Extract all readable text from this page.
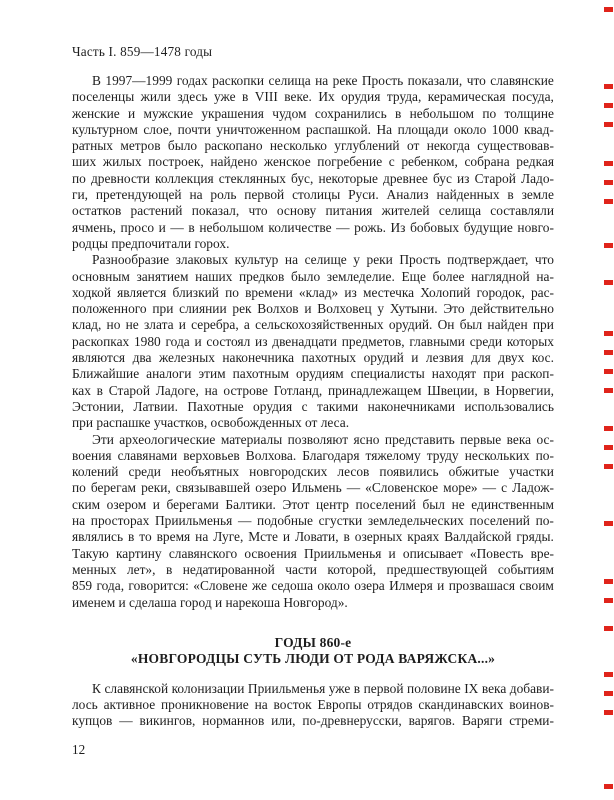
Часть I. 859—1478 годы
В 1997—1999 годах раскопки селища на реке Прость показали, что славянские
поселенцы жили здесь уже в VIII веке. Их орудия труда, керамическая посуда,
женские и мужские украшения чудом сохранились в небольшом по толщине
культурном слое, почти уничтоженном распашкой. На площади около 1000 квад-
ратных метров было раскопано несколько углублений от некогда существовав-
ших жилых построек, найдено женское погребение с ребенком, собрана редкая
по древности коллекция стеклянных бус, некоторые древнее бус из Старой Ладо-
ги, претендующей на роль первой столицы Руси. Анализ найденных в земле
остатков растений показал, что основу питания жителей селища составляли
ячмень, просо и — в небольшом количестве — рожь. Из бобовых будущие новго-
родцы предпочитали горох.
Разнообразие злаковых культур на селище у реки Прость подтверждает, что
основным занятием наших предков было земледелие. Еще более наглядной на-
ходкой является близкий по времени «клад» из местечка Холопий городок, рас-
положенного при слиянии рек Волхов и Волховец у Хутыни. Это действительно
клад, но не злата и серебра, а сельскохозяйственных орудий. Он был найден при
раскопках 1980 года и состоял из двенадцати предметов, главными среди которых
являются два железных наконечника пахотных орудий и лезвия для двух кос.
Ближайшие аналоги этим пахотным орудиям специалисты находят при раскоп-
ках в Старой Ладоге, на острове Готланд, принадлежащем Швеции, в Норвегии,
Эстонии, Латвии. Пахотные орудия с такими наконечниками использовались
при распашке участков, освобожденных от леса.
Эти археологические материалы позволяют ясно представить первые века ос-
воения славянами верховьев Волхова. Благодаря тяжелому труду нескольких по-
колений среди необъятных новгородских лесов появились обжитые участки
по берегам реки, связывавшей озеро Ильмень — «Словенское море» — с Ладож-
ским озером и берегами Балтики. Этот центр поселений был не единственным
на просторах Приильменья — подобные сгустки земледельческих поселений по-
являлись в то время на Луге, Мсте и Ловати, в озерных краях Валдайской гряды.
Такую картину славянского освоения Приильменья и описывает «Повесть вре-
менных лет», в недатированной части которой, предшествующей событиям
859 года, говорится: «Словене же седоша около озера Илмеря и прозвашася своим
именем и сделаша город и нарекоша Новгород».
ГОДЫ 860-е
«НОВГОРОДЦЫ СУТЬ ЛЮДИ ОТ РОДА ВАРЯЖСКА...»
К славянской колонизации Приильменья уже в первой половине IX века добави-
лось активное проникновение на восток Европы отрядов скандинавских воинов-
купцов — викингов, норманнов или, по-древнерусски, варягов. Варяги стреми-
12
